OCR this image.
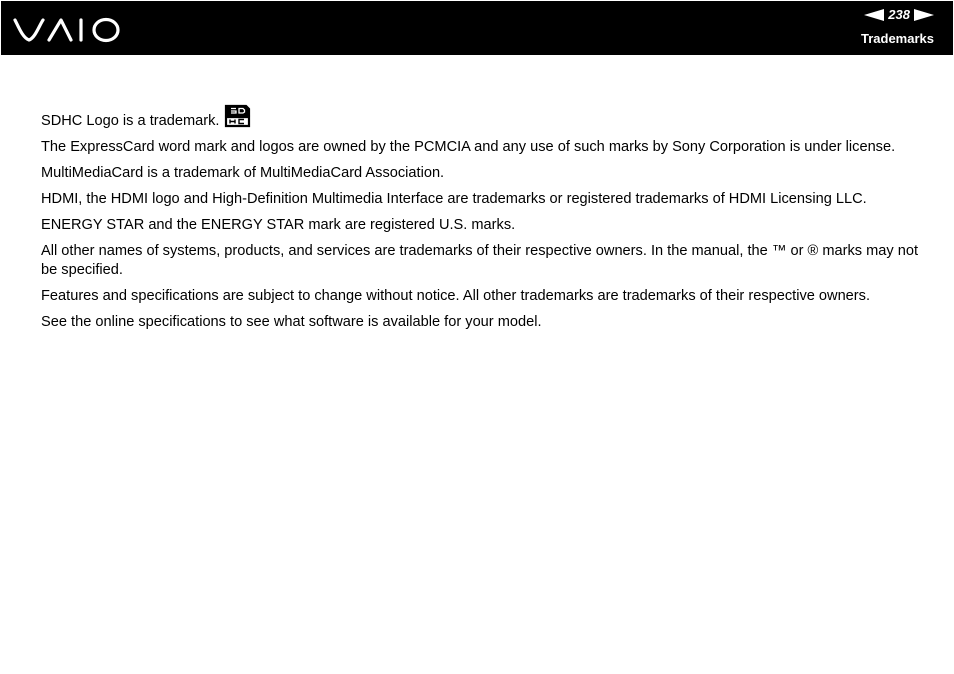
238
Trademarks

SDHC Logo is a trademark.

The ExpressCard word mark and logos are owned by the PCMCIA and any use of such marks by Sony Corporation is under license.

MultiMediaCard is a trademark of MultiMediaCard Association.

HDMI, the HDMI logo and High-Definition Multimedia Interface are trademarks or registered trademarks of HDMI Licensing LLC.

ENERGY STAR and the ENERGY STAR mark are registered U.S. marks.

All other names of systems, products, and services are trademarks of their respective owners. In the manual, the ™ or ® marks may not be specified.

Features and specifications are subject to change without notice. All other trademarks are trademarks of their respective owners.

See the online specifications to see what software is available for your model.
